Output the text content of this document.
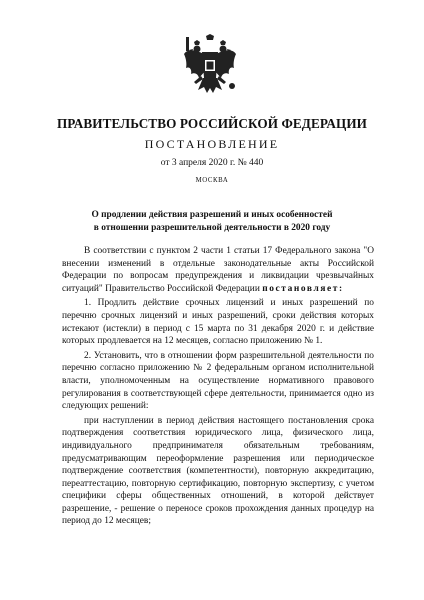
ПРАВИТЕЛЬСТВО РОССИЙСКОЙ ФЕДЕРАЦИИ
ПОСТАНОВЛЕНИЕ
от 3 апреля 2020 г. № 440
МОСКВА
О продлении действия разрешений и иных особенностей
в отношении разрешительной деятельности в 2020 году

В соответствии с пунктом 2 части 1 статьи 17 Федерального закона "О внесении изменений в отдельные законодательные акты Российской Федерации по вопросам предупреждения и ликвидации чрезвычайных ситуаций" Правительство Российской Федерации постановляет:

1. Продлить действие срочных лицензий и иных разрешений по перечню срочных лицензий и иных разрешений, сроки действия которых истекают (истекли) в период с 15 марта по 31 декабря 2020 г. и действие которых продлевается на 12 месяцев, согласно приложению № 1.

2. Установить, что в отношении форм разрешительной деятельности по перечню согласно приложению № 2 федеральным органом исполнительной власти, уполномоченным на осуществление нормативного правового регулирования в соответствующей сфере деятельности, принимается одно из следующих решений:

при наступлении в период действия настоящего постановления срока подтверждения соответствия юридического лица, физического лица, индивидуального предпринимателя обязательным требованиям, предусматривающим переоформление разрешения или периодическое подтверждение соответствия (компетентности), повторную аккредитацию, переаттестацию, повторную сертификацию, повторную экспертизу, с учетом специфики сферы общественных отношений, в которой действует разрешение, - решение о переносе сроков прохождения данных процедур на период до 12 месяцев;
